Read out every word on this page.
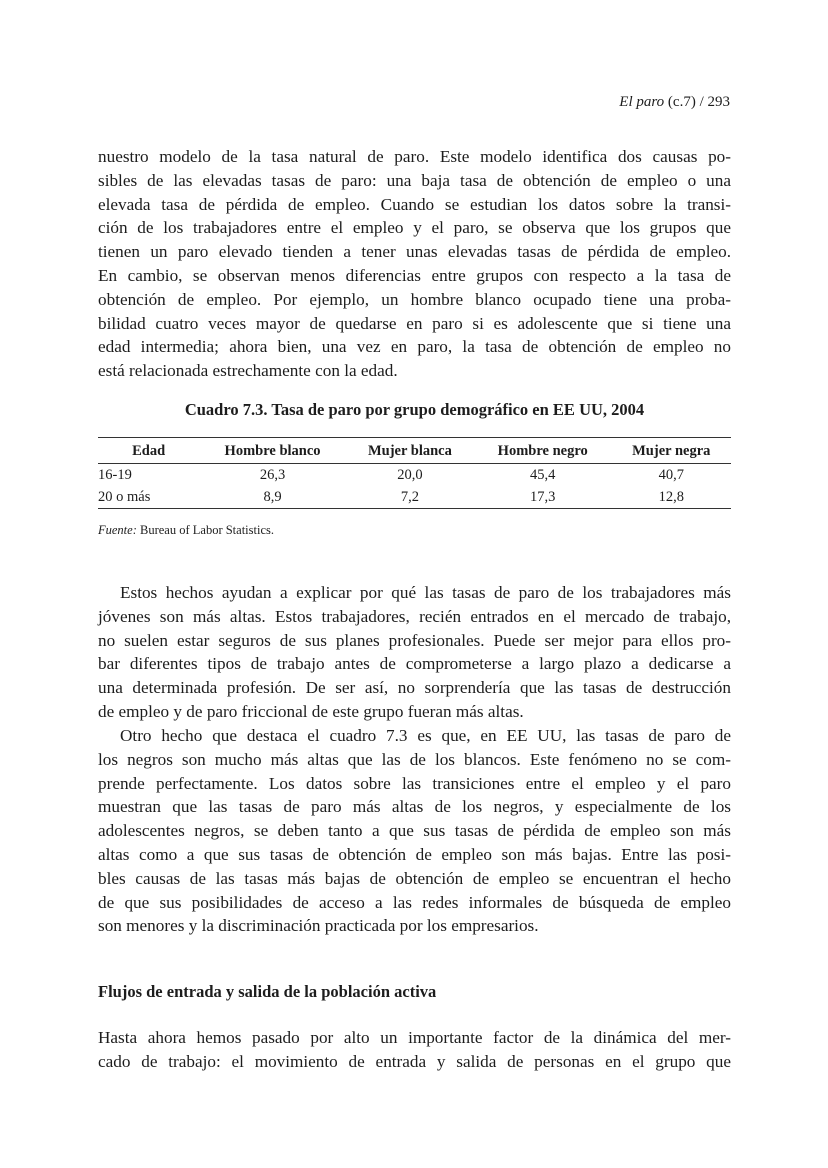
El paro (c.7) / 293
nuestro modelo de la tasa natural de paro. Este modelo identifica dos causas po-
sibles de las elevadas tasas de paro: una baja tasa de obtención de empleo o una
elevada tasa de pérdida de empleo. Cuando se estudian los datos sobre la transi-
ción de los trabajadores entre el empleo y el paro, se observa que los grupos que
tienen un paro elevado tienden a tener unas elevadas tasas de pérdida de empleo.
En cambio, se observan menos diferencias entre grupos con respecto a la tasa de
obtención de empleo. Por ejemplo, un hombre blanco ocupado tiene una proba-
bilidad cuatro veces mayor de quedarse en paro si es adolescente que si tiene una
edad intermedia; ahora bien, una vez en paro, la tasa de obtención de empleo no
está relacionada estrechamente con la edad.
Cuadro 7.3. Tasa de paro por grupo demográfico en EE UU, 2004
Edad	Hombre blanco	Mujer blanca	Hombre negro	Mujer negra
16-19	26,3	20,0	45,4	40,7
20 o más	8,9	7,2	17,3	12,8
Fuente: Bureau of Labor Statistics.
Estos hechos ayudan a explicar por qué las tasas de paro de los trabajadores más
jóvenes son más altas. Estos trabajadores, recién entrados en el mercado de trabajo,
no suelen estar seguros de sus planes profesionales. Puede ser mejor para ellos pro-
bar diferentes tipos de trabajo antes de comprometerse a largo plazo a dedicarse a
una determinada profesión. De ser así, no sorprendería que las tasas de destrucción
de empleo y de paro friccional de este grupo fueran más altas.
Otro hecho que destaca el cuadro 7.3 es que, en EE UU, las tasas de paro de
los negros son mucho más altas que las de los blancos. Este fenómeno no se com-
prende perfectamente. Los datos sobre las transiciones entre el empleo y el paro
muestran que las tasas de paro más altas de los negros, y especialmente de los
adolescentes negros, se deben tanto a que sus tasas de pérdida de empleo son más
altas como a que sus tasas de obtención de empleo son más bajas. Entre las posi-
bles causas de las tasas más bajas de obtención de empleo se encuentran el hecho
de que sus posibilidades de acceso a las redes informales de búsqueda de empleo
son menores y la discriminación practicada por los empresarios.
Flujos de entrada y salida de la población activa
Hasta ahora hemos pasado por alto un importante factor de la dinámica del mer-
cado de trabajo: el movimiento de entrada y salida de personas en el grupo que
